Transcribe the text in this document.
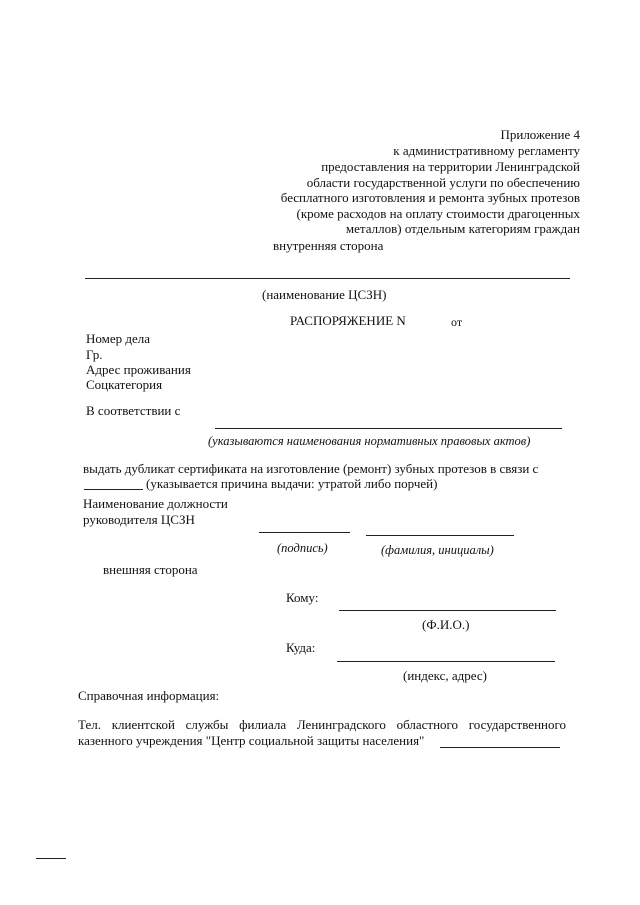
Приложение 4
к административному регламенту
предоставления на территории Ленинградской
области государственной услуги по обеспечению
бесплатного изготовления и ремонта зубных протезов
(кроме расходов на оплату стоимости драгоценных
металлов) отдельным категориям граждан
внутренняя сторона
(наименование ЦСЗН)
РАСПОРЯЖЕНИЕ N	от
Номер дела
Гр.
Адрес проживания
Соцкатегория
В соответствии с
(указываются наименования нормативных правовых актов)
выдать дубликат сертификата на изготовление (ремонт) зубных протезов в связи с
(указывается причина выдачи: утратой либо порчей)
Наименование должности
руководителя ЦСЗН
(подпись)	(фамилия, инициалы)
внешняя сторона
Кому:
(Ф.И.О.)
Куда:
(индекс, адрес)
Справочная информация:
Тел. клиентской службы филиала Ленинградского областного государственного
казенного учреждения "Центр социальной защиты населения"
